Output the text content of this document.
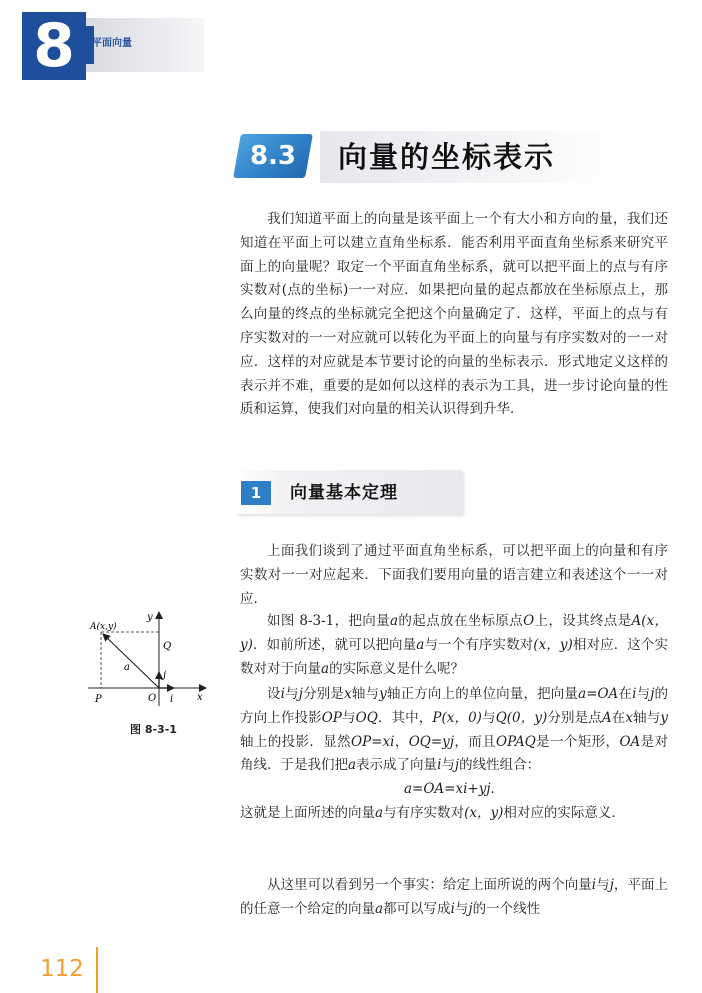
8	平面向量
8.3	向量的坐标表示
我们知道平面上的向量是该平面上一个有大小和方向的量，我们还知道在平面上可以建立直角坐标系．能否利用平面直角坐标系来研究平面上的向量呢？取定一个平面直角坐标系，就可以把平面上的点与有序实数对(点的坐标)一一对应．如果把向量的起点都放在坐标原点上，那么向量的终点的坐标就完全把这个向量确定了．这样，平面上的点与有序实数对的一一对应就可以转化为平面上的向量与有序实数对的一一对应．这样的对应就是本节要讨论的向量的坐标表示．形式地定义这样的表示并不难，重要的是如何以这样的表示为工具，进一步讨论向量的性质和运算，使我们对向量的相关认识得到升华．
1	向量基本定理
上面我们谈到了通过平面直角坐标系，可以把平面上的向量和有序实数对一一对应起来．下面我们要用向量的语言建立和表述这个一一对应．
如图 8-3-1，把向量a的起点放在坐标原点O上，设其终点是A(x，y)．如前所述，就可以把向量a与一个有序实数对(x，y)相对应．这个实数对对于向量a的实际意义是什么呢？
设i与j分别是x轴与y轴正方向上的单位向量，把向量a=OA在i与j的方向上作投影OP与OQ．其中，P(x，0)与Q(0，y)分别是点A在x轴与y轴上的投影．显然OP=xi，OQ=yj，而且OPAQ是一个矩形，OA是对角线．于是我们把a表示成了向量i与j的线性组合：
a=OA=xi+yj．
这就是上面所述的向量a与有序实数对(x，y)相对应的实际意义．
从这里可以看到另一个事实：给定上面所说的两个向量i与j，平面上的任意一个给定的向量a都可以写成i与j的一个线性
y
x
A(x,y)
Q
P	O
a
i
j
图 8-3-1
112
